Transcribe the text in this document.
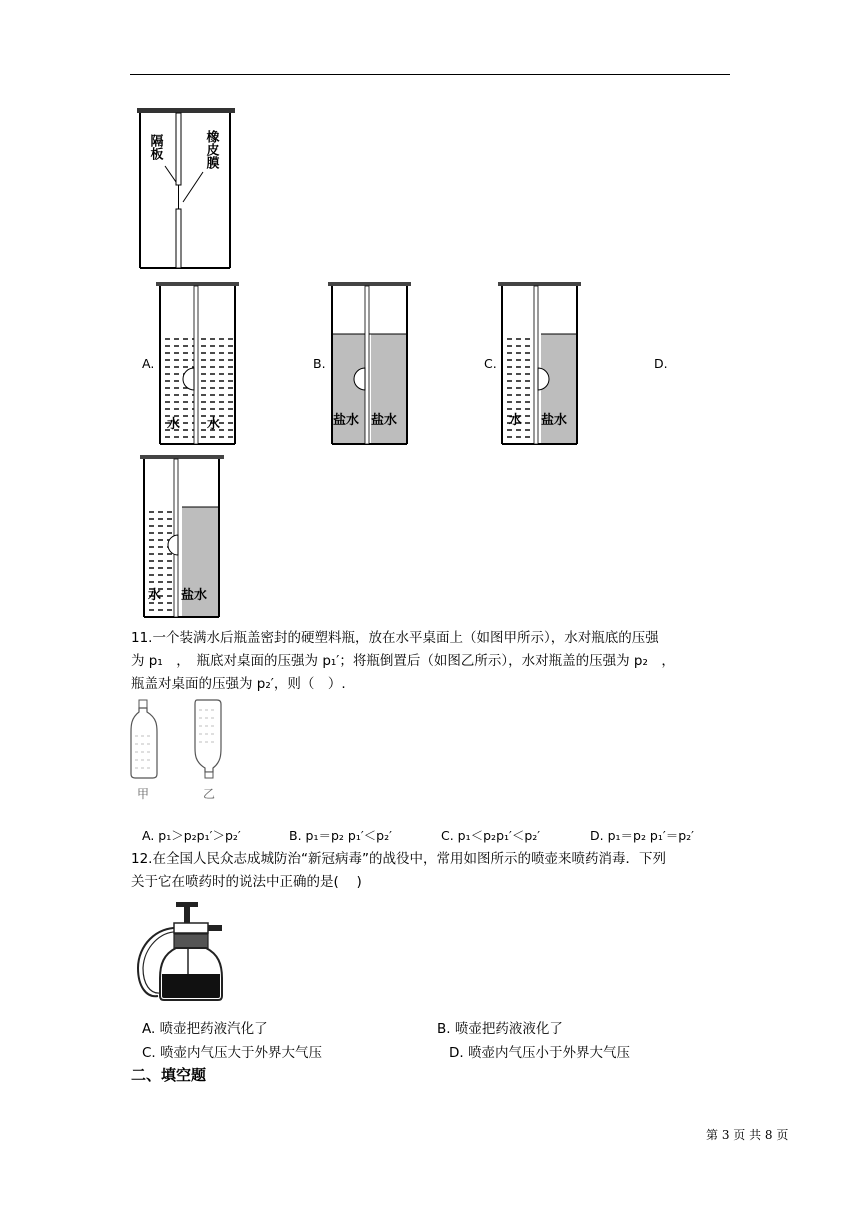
隔板	橡皮膜
A.
水 水
B.
盐水 盐水
C.
水 盐水
D.
水 盐水
11.一个装满水后瓶盖密封的硬塑料瓶，放在水平桌面上（如图甲所示），水对瓶底的压强
为 p₁　，　瓶底对桌面的压强为 p₁′；将瓶倒置后（如图乙所示），水对瓶盖的压强为 p₂　，
瓶盖对桌面的压强为 p₂′，则（　）.
甲	乙
A. p₁＞p₂p₁′＞p₂′	B. p₁＝p₂ p₁′＜p₂′	C. p₁＜p₂p₁′＜p₂′	D. p₁＝p₂ p₁′＝p₂′
12.在全国人民众志成城防治“新冠病毒”的战役中，常用如图所示的喷壶来喷药消毒．下列
关于它在喷药时的说法中正确的是(　 )
A. 喷壶把药液汽化了	B. 喷壶把药液液化了
C. 喷壶内气压大于外界大气压	D. 喷壶内气压小于外界大气压
二、填空题
第 3 页 共 8 页
